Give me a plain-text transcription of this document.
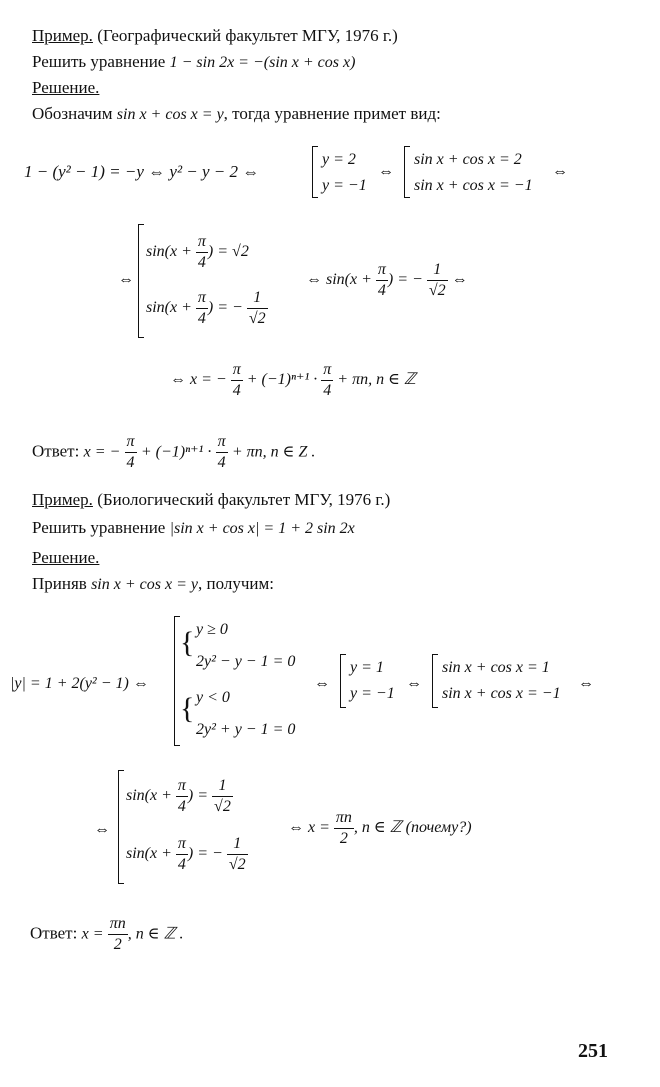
Пример. (Географический факультет МГУ, 1976 г.)
Решить уравнение 1 − sin 2x = −(sin x + cos x)
Решение.
Обозначим sin x + cos x = y, тогда уравнение примет вид:
1 − (y² − 1) = −y ⇔ y² − y − 2 ⇔
y = 2
y = −1
⇔
sin x + cos x = 2
sin x + cos x = −1
⇔
⇔
$\sin(x + \frac{\pi}{4}$ ) = √2
$\sin(x + \frac{\pi}{4}$ ) = − $\frac{1}{√2}$
⇔ $\sin(x + \frac{\pi}{4}$ ) = − $\frac{1}{√2}$ ⇔
⇔ x = − $\frac{\pi}{4} + (-1)^{n+1} \cdot \frac{\pi}{4} + \pi n$, n ∈ ℤ
Ответ: x = − $\frac{\pi}{4} + (-1)^{n+1} \cdot \frac{\pi}{4} + \pi n$, n ∈ Z .
Пример. (Биологический факультет МГУ, 1976 г.)
Решить уравнение |sin x + cos x| = 1 + 2 sin 2x
Решение.
Приняв sin x + cos x = y, получим:
|y| = 1 + 2(y² − 1) ⇔
{
{
y ≥ 0
2y² − y − 1 = 0
y < 0
2y² + y − 1 = 0
⇔
y = 1
y = −1
⇔
sin x + cos x = 1
sin x + cos x = −1
⇔
⇔
$\sin(x + \frac{\pi}{4}$ ) = $\frac{1}{√2}$
$\sin(x + \frac{\pi}{4}$ ) = − $\frac{1}{√2}$
⇔ $x = \frac{\pi n}{2}$ , n ∈ ℤ (почему?)
Ответ: $x = \frac{\pi n}{2}$ , n ∈ ℤ .
251
